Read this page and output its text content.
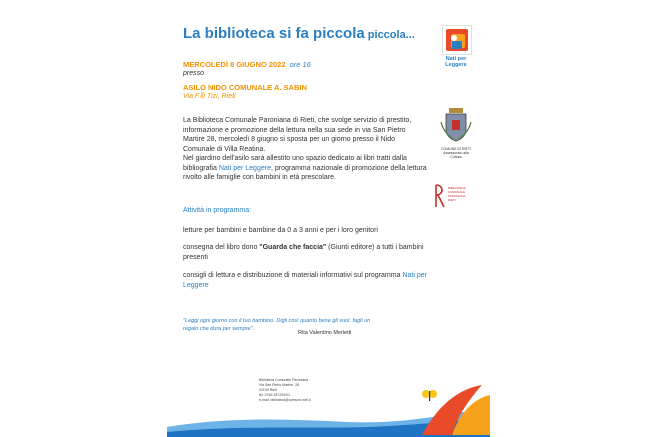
La biblioteca si fa piccola piccola...
MERCOLEDÌ 8 GIUGNO 2022 ore 16
presso
ASILO NIDO COMUNALE A. SABIN
Via F.lli Tizi, Rieti
La Biblioteca Comunale Paroniana di Rieti, che svolge servizio di prestito, informazione e promozione della lettura nella sua sede in via San Pietro Martire 28, mercoledì 8 giugno si sposta per un giorno presso il Nido Comunale di Villa Reatina.
Nel giardino dell'asilo sarà allestito uno spazio dedicato ai libri tratti dalla bibliografia Nati per Leggere, programma nazionale di promozione della lettura rivolto alle famiglie con bambini in età prescolare.
Attività in programma:
letture per bambini e bambine da 0 a 3 anni e per i loro genitori
consegna del libro dono "Guarda che faccia" (Giunti editore) a tutti i bambini presenti
consigli di lettura e distribuzione di materiali informativi sul programma Nati per Leggere
"Leggi ogni giorno con il tuo bambino. Digli così quanto bene gli vuoi, fagli un regalo che dura per sempre".
Rita Valentino Merletti
Biblioteca Comunale Paroniana
Via San Pietro Martire, 28
02100 Rieti
tel. 0746 287200/01
e-mail: biblioteca@comune.rieti.it
Nati per
Leggere
COMUNE DI RIETI
Assessorato alla Cultura
BIBLIOTECA
COMUNALE
PARONIANA
RIETI
